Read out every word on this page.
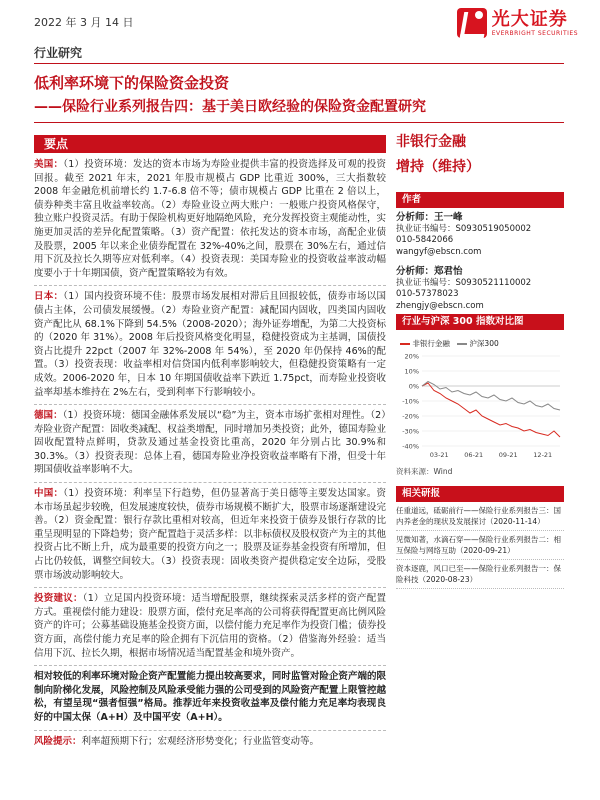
2022 年 3 月 14 日	光大证券
EVERBRIGHT SECURITIES
行业研究
低利率环境下的保险资金投资
——保险行业系列报告四：基于美日欧经验的保险资金配置研究
要点

美国：（1）投资环境：发达的资本市场为寿险业提供丰富的投资选择及可观的投资回报。截至 2021 年末，2021 年股市规模占 GDP 比重近 300%，三大指数较 2008 年金融危机前增长约 1.7-6.8 倍不等；债市规模占 GDP 比重在 2 倍以上，债券种类丰富且收益率较高。（2）寿险业设立两大账户：一般账户投资风格保守，独立账户投资灵活。有助于保险机构更好地隔绝风险，充分发挥投资主观能动性，实施更加灵活的差异化配置策略。（3）资产配置：依托发达的资本市场，高配企业债及股票，2005 年以来企业债券配置在 32%-40%之间，股票在 30%左右，通过信用下沉及拉长久期等应对低利率。（4）投资表现：美国寿险业的投资收益率波动幅度要小于十年期国债，资产配置策略较为有效。

日本：（1）国内投资环境不佳：股票市场发展相对滞后且回报较低，债券市场以国债占主体，公司债发展缓慢。（2）寿险业资产配置：减配国内固收，四类国内固收资产配比从 68.1%下降到 54.5%（2008-2020）；海外证券增配，为第二大投资标的（2020 年 31%）。2008 年后投资风格变化明显，稳健投资成为主基调，国债投资占比提升 22pct（2007 年 32%-2008 年 54%），至 2020 年仍保持 46%的配置。（3）投资表现：收益率相对信贷国内低利率影响较大，但稳健投资策略有一定成效。2006-2020 年，日本 10 年期国债收益率下跌近 1.75pct，而寿险业投资收益率却基本维持在 2%左右，受到利率下行影响较小。

德国：（1）投资环境：德国金融体系发展以“稳”为主，资本市场扩张相对理性。（2）寿险业资产配置：固收类减配、权益类增配，同时增加另类投资；此外，德国寿险业固收配置特点鲜明，贷款及通过基金投资比重高，2020 年分别占比 30.9%和 30.3%。（3）投资表现：总体上看，德国寿险业净投资收益率略有下滑，但受十年期国债收益率影响不大。

中国：（1）投资环境：利率呈下行趋势，但仍显著高于美日德等主要发达国家。资本市场虽起步较晚，但发展速度较快，债券市场规模不断扩大，股票市场逐渐建设完善。（2）资金配置：银行存款比重相对较高，但近年来投资于债券及银行存款的比重呈现明显的下降趋势；资产配置趋于灵活多样：以非标债权及股权资产为主的其他投资占比不断上升，成为最重要的投资方向之一；股票及证券基金投资有所增加，但占比仍较低，调整空间较大。（3）投资表现：固收类资产提供稳定安全边际，受股票市场波动影响较大。

投资建议：（1）立足国内投资环境：适当增配股票，继续探索灵活多样的资产配置方式。重视偿付能力建设：股票方面，偿付充足率高的公司将获得配置更高比例风险资产的许可；公募基础设施基金投资方面，以偿付能力充足率作为投资门槛；债券投资方面，高偿付能力充足率的险企拥有下沉信用的资格。（2）借鉴海外经验：适当信用下沉、拉长久期，根据市场情况适当配置基金和境外资产。

相对较低的利率环境对险企资产配置能力提出较高要求，同时监管对险企资产端的限制向阶梯化发展，风险控制及风险承受能力强的公司受到的风险资产配置上限管控越松，有望呈现“强者恒强”格局。推荐近年来投资收益率及偿付能力充足率均表现良好的中国太保（A+H）及中国平安（A+H）。

风险提示：利率超预期下行；宏观经济形势变化；行业监管变动等。

非银行金融
增持（维持）
作者
分析师：王一峰
执业证书编号：S0930519050002
010-5842066
wangyf@ebscn.com
分析师：郑君怡
执业证书编号：S0930521110002
010-57378023
zhengjy@ebscn.com
行业与沪深 300 指数对比图
非银行金融	沪深300
20%
10%
0%
-10%
-20%
-30%
-40%
03-21 06-21 09-21 12-21
资料来源：Wind
相关研报
任重道远，砥砺前行——保险行业系列报告三：国内养老金的现状及发展探讨（2020-11-14）
见微知著，水滴石穿——保险行业系列报告二：相互保险与网络互助（2020-09-21）
资本逐鹿，风口已至——保险行业系列报告一：保险科技（2020-08-23）
